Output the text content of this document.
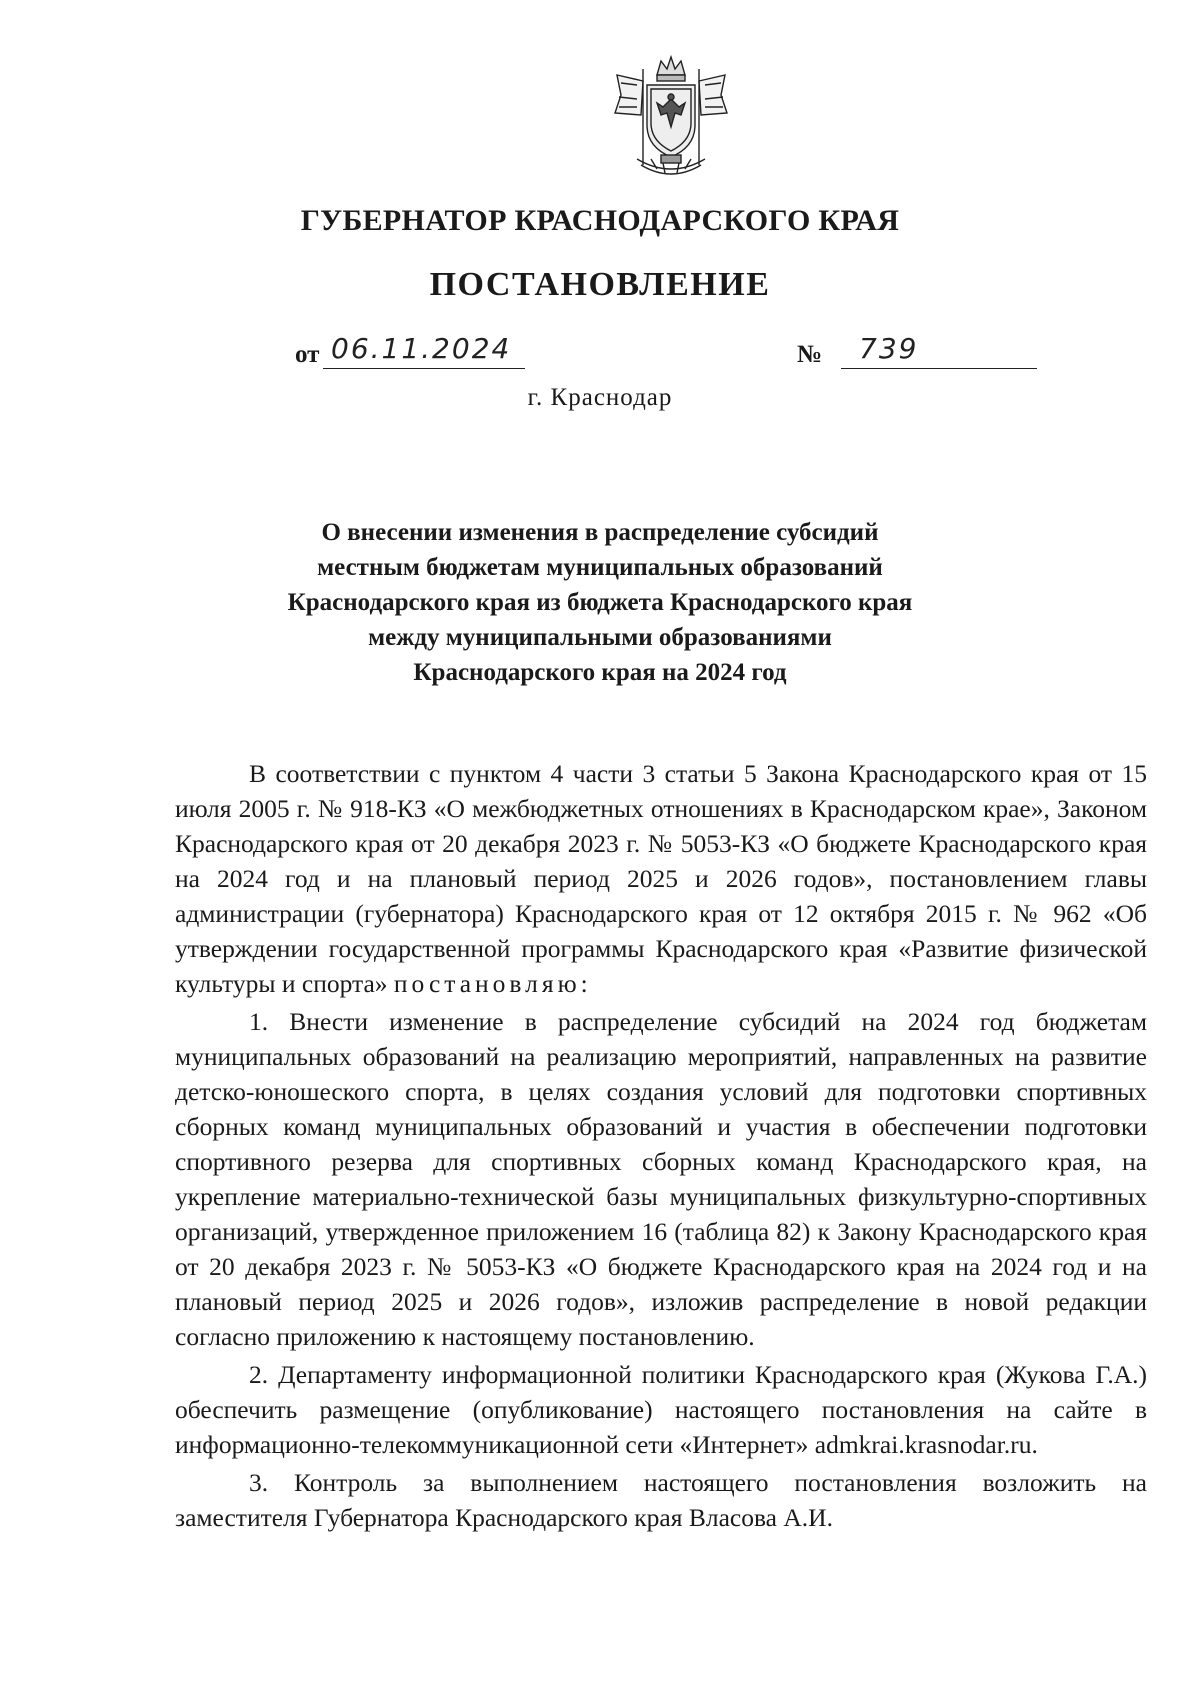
ГУБЕРНАТОР КРАСНОДАРСКОГО КРАЯ
ПОСТАНОВЛЕНИЕ
от 06.11.2024	№ 739
г. Краснодар
О внесении изменения в распределение субсидий
местным бюджетам муниципальных образований
Краснодарского края из бюджета Краснодарского края
между муниципальными образованиями
Краснодарского края на 2024 год

В соответствии с пунктом 4 части 3 статьи 5 Закона Краснодарского края от 15 июля 2005 г. № 918-КЗ «О межбюджетных отношениях в Краснодарском крае», Законом Краснодарского края от 20 декабря 2023 г. № 5053-КЗ «О бюджете Краснодарского края на 2024 год и на плановый период 2025 и 2026 годов», постановлением главы администрации (губернатора) Краснодарского края от 12 октября 2015 г. № 962 «Об утверждении государственной программы Краснодарского края «Развитие физической культуры и спорта» постановляю:

1. Внести изменение в распределение субсидий на 2024 год бюджетам муниципальных образований на реализацию мероприятий, направленных на развитие детско-юношеского спорта, в целях создания условий для подготовки спортивных сборных команд муниципальных образований и участия в обеспечении подготовки спортивного резерва для спортивных сборных команд Краснодарского края, на укрепление материально-технической базы муниципальных физкультурно-спортивных организаций, утвержденное приложением 16 (таблица 82) к Закону Краснодарского края от 20 декабря 2023 г. № 5053-КЗ «О бюджете Краснодарского края на 2024 год и на плановый период 2025 и 2026 годов», изложив распределение в новой редакции согласно приложению к настоящему постановлению.

2. Департаменту информационной политики Краснодарского края (Жукова Г.А.) обеспечить размещение (опубликование) настоящего постановления на сайте в информационно-телекоммуникационной сети «Интернет» admkrai.krasnodar.ru.

3. Контроль за выполнением настоящего постановления возложить на заместителя Губернатора Краснодарского края Власова А.И.
